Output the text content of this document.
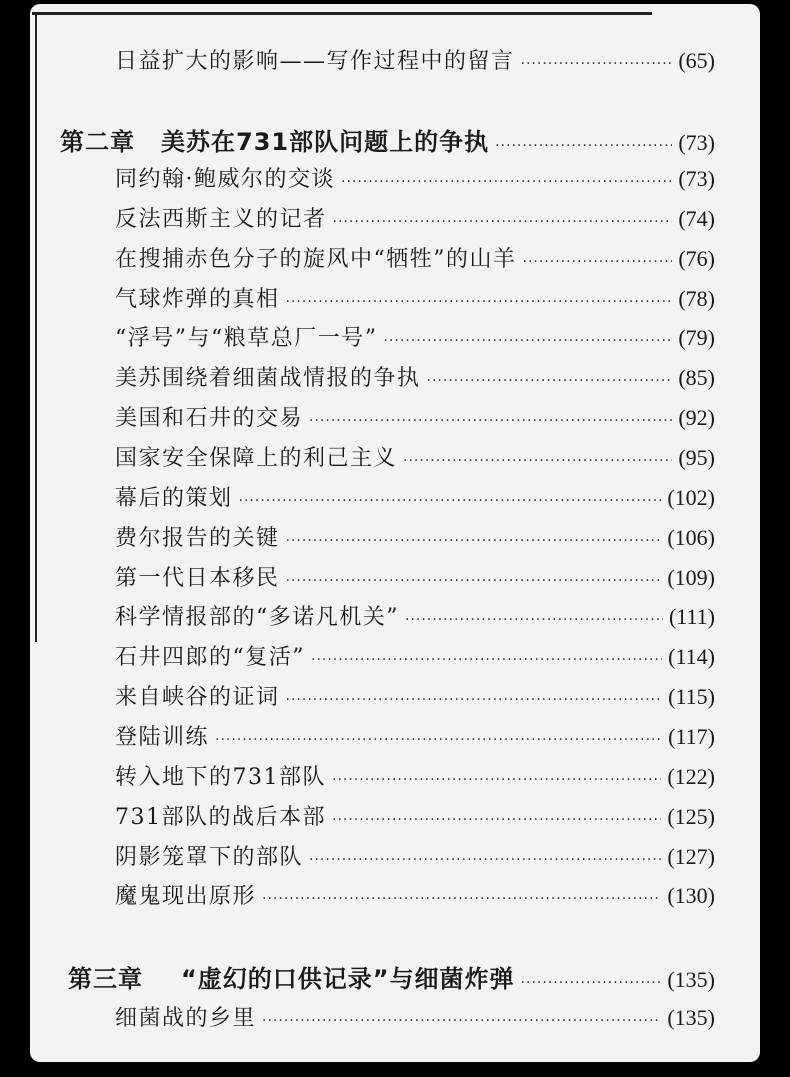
日益扩大的影响——写作过程中的留言 ·····	(65)
第二章 美苏在731部队问题上的争执 ·····	(73)
同约翰·鲍威尔的交谈 ·····	(73)
反法西斯主义的记者 ·····	(74)
在搜捕赤色分子的旋风中“牺牲”的山羊 ·····	(76)
气球炸弹的真相 ·····	(78)
“浮号”与“粮草总厂一号” ·····	(79)
美苏围绕着细菌战情报的争执 ·····	(85)
美国和石井的交易 ·····	(92)
国家安全保障上的利己主义 ·····	(95)
幕后的策划 ·····	(102)
费尔报告的关键 ·····	(106)
第一代日本移民 ·····	(109)
科学情报部的“多诺凡机关” ·····	(111)
石井四郎的“复活” ·····	(114)
来自峡谷的证词 ·····	(115)
登陆训练 ·····	(117)
转入地下的731部队 ·····	(122)
731部队的战后本部 ·····	(125)
阴影笼罩下的部队 ·····	(127)
魔鬼现出原形 ·····	(130)
第三章 “虚幻的口供记录”与细菌炸弹 ·····	(135)
细菌战的乡里 ·····	(135)
